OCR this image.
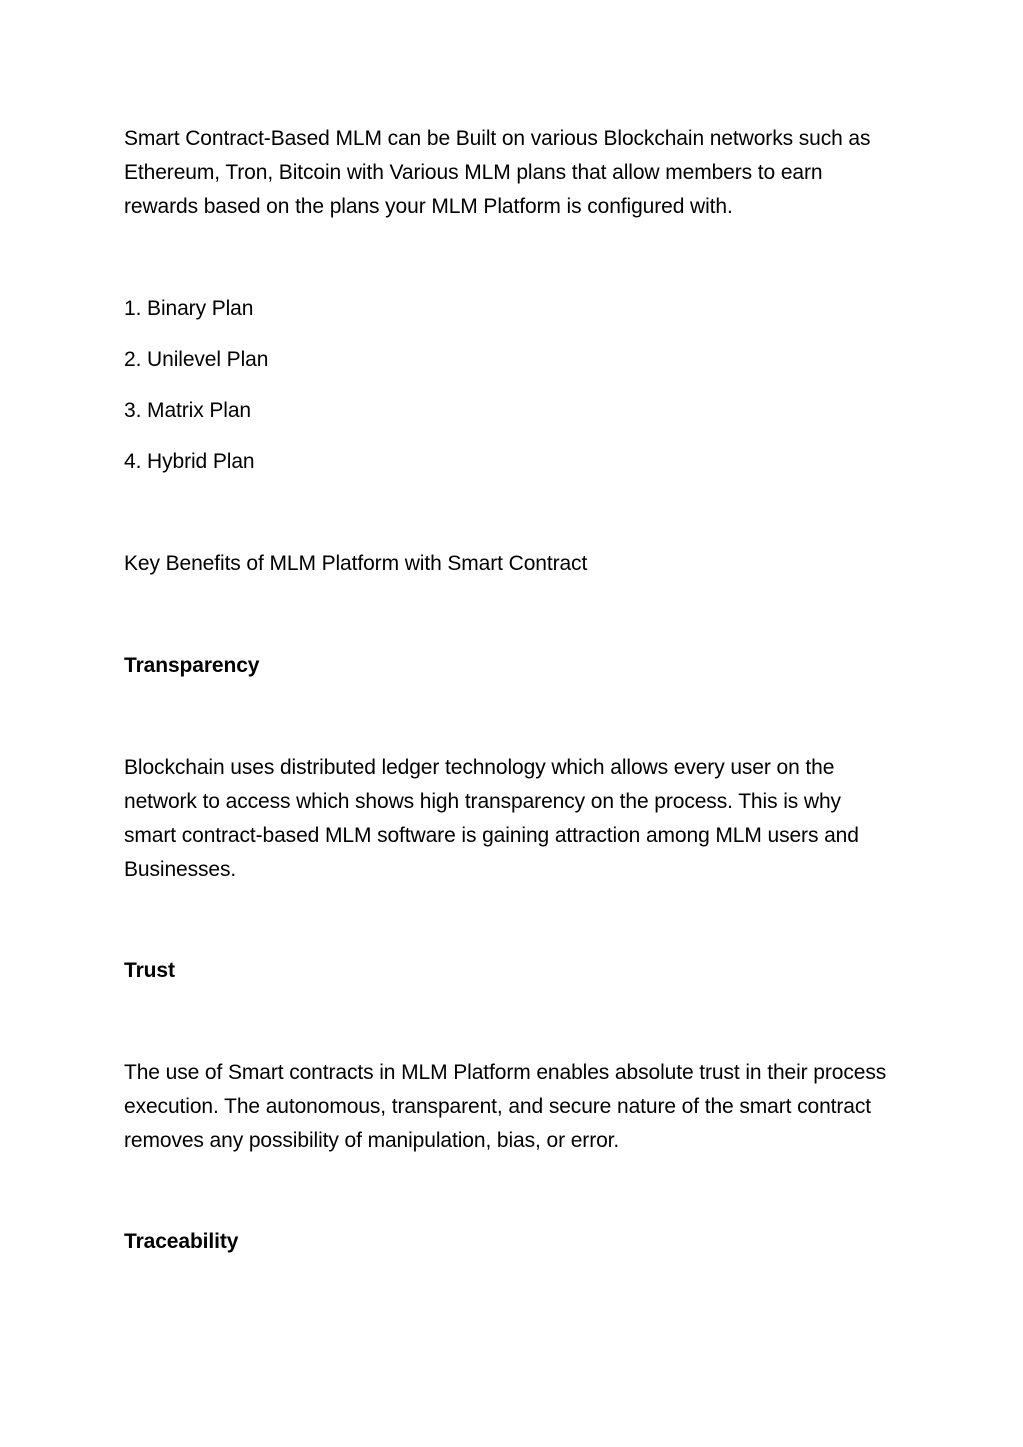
Smart Contract-Based MLM can be Built on various Blockchain networks such as Ethereum, Tron, Bitcoin with Various MLM plans that allow members to earn rewards based on the plans your MLM Platform is configured with.

1. Binary Plan

2. Unilevel Plan

3. Matrix Plan

4. Hybrid Plan

Key Benefits of MLM Platform with Smart Contract

Transparency

Blockchain uses distributed ledger technology which allows every user on the network to access which shows high transparency on the process. This is why smart contract-based MLM software is gaining attraction among MLM users and Businesses.

Trust

The use of Smart contracts in MLM Platform enables absolute trust in their process execution. The autonomous, transparent, and secure nature of the smart contract removes any possibility of manipulation, bias, or error.

Traceability
